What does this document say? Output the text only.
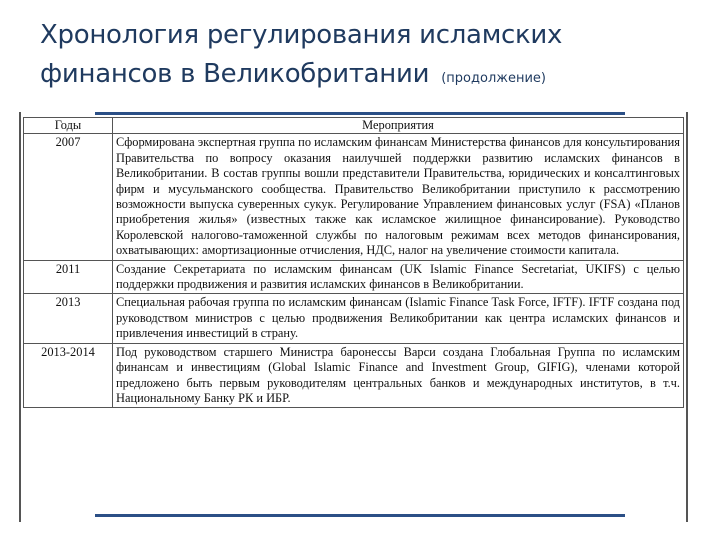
Хронология регулирования исламских
финансов в Великобритании (продолжение)
Годы	Мероприятия
2007	Сформирована экспертная группа по исламским финансам Министерства финансов для консультирования Правительства по вопросу оказания наилучшей поддержки развитию исламских финансов в Великобритании. В состав группы вошли представители Правительства, юридических и консалтинговых фирм и мусульманского сообщества. Правительство Великобритании приступило к рассмотрению возможности выпуска суверенных сукук. Регулирование Управлением финансовых услуг (FSA) «Планов приобретения жилья» (известных также как исламское жилищное финансирование). Руководство Королевской налогово-таможенной службы по налоговым режимам всех методов финансирования, охватывающих: амортизационные отчисления, НДС, налог на увеличение стоимости капитала.
2011	Создание Секретариата по исламским финансам (UK Islamic Finance Secretariat, UKIFS) с целью поддержки продвижения и развития исламских финансов в Великобритании.
2013	Специальная рабочая группа по исламским финансам (Islamic Finance Task Force, IFTF). IFTF создана под руководством министров с целью продвижения Великобритании как центра исламских финансов и привлечения инвестиций в страну.
2013-2014	Под руководством старшего Министра баронессы Варси создана Глобальная Группа по исламским финансам и инвестициям (Global Islamic Finance and Investment Group, GIFIG), членами которой предложено быть первым руководителям центральных банков и международных институтов, в т.ч. Национальному Банку РК и ИБР.
